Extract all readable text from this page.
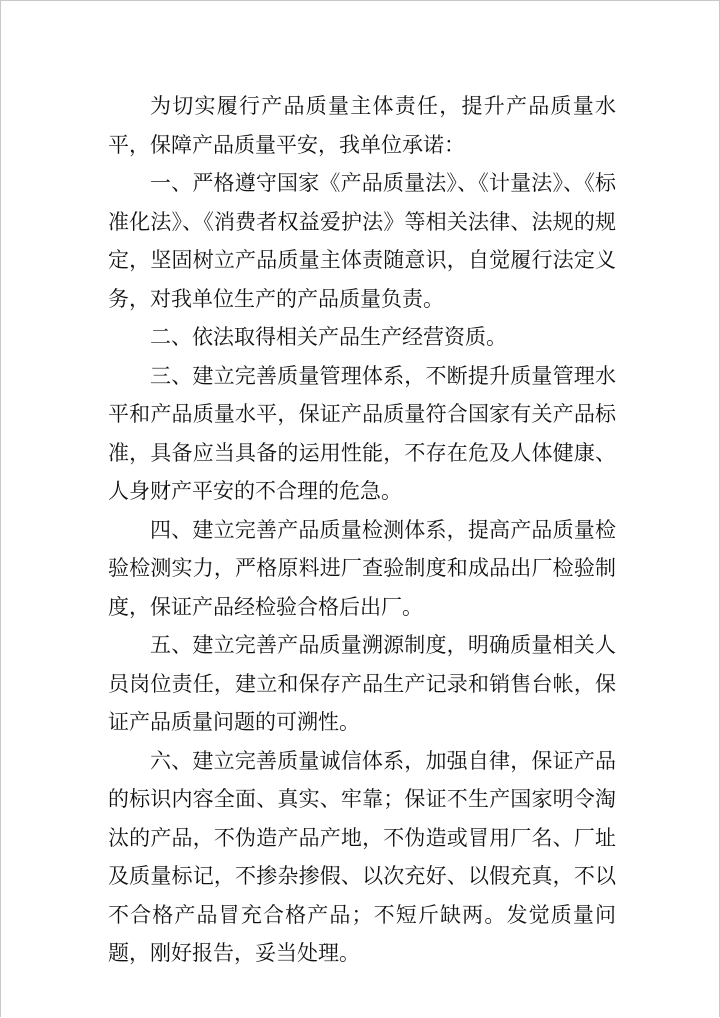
为切实履行产品质量主体责任，提升产品质量水平，保障产品质量平安，我单位承诺：

一、严格遵守国家《产品质量法》、《计量法》、《标准化法》、《消费者权益爱护法》等相关法律、法规的规定，坚固树立产品质量主体责随意识，自觉履行法定义务，对我单位生产的产品质量负责。

二、依法取得相关产品生产经营资质。

三、建立完善质量管理体系，不断提升质量管理水平和产品质量水平，保证产品质量符合国家有关产品标准，具备应当具备的运用性能，不存在危及人体健康、人身财产平安的不合理的危急。

四、建立完善产品质量检测体系，提高产品质量检验检测实力，严格原料进厂查验制度和成品出厂检验制度，保证产品经检验合格后出厂。

五、建立完善产品质量溯源制度，明确质量相关人员岗位责任，建立和保存产品生产记录和销售台帐，保证产品质量问题的可溯性。

六、建立完善质量诚信体系，加强自律，保证产品的标识内容全面、真实、牢靠；保证不生产国家明令淘汰的产品，不伪造产品产地，不伪造或冒用厂名、厂址及质量标记，不掺杂掺假、以次充好、以假充真，不以不合格产品冒充合格产品；不短斤缺两。发觉质量问题，刚好报告，妥当处理。
